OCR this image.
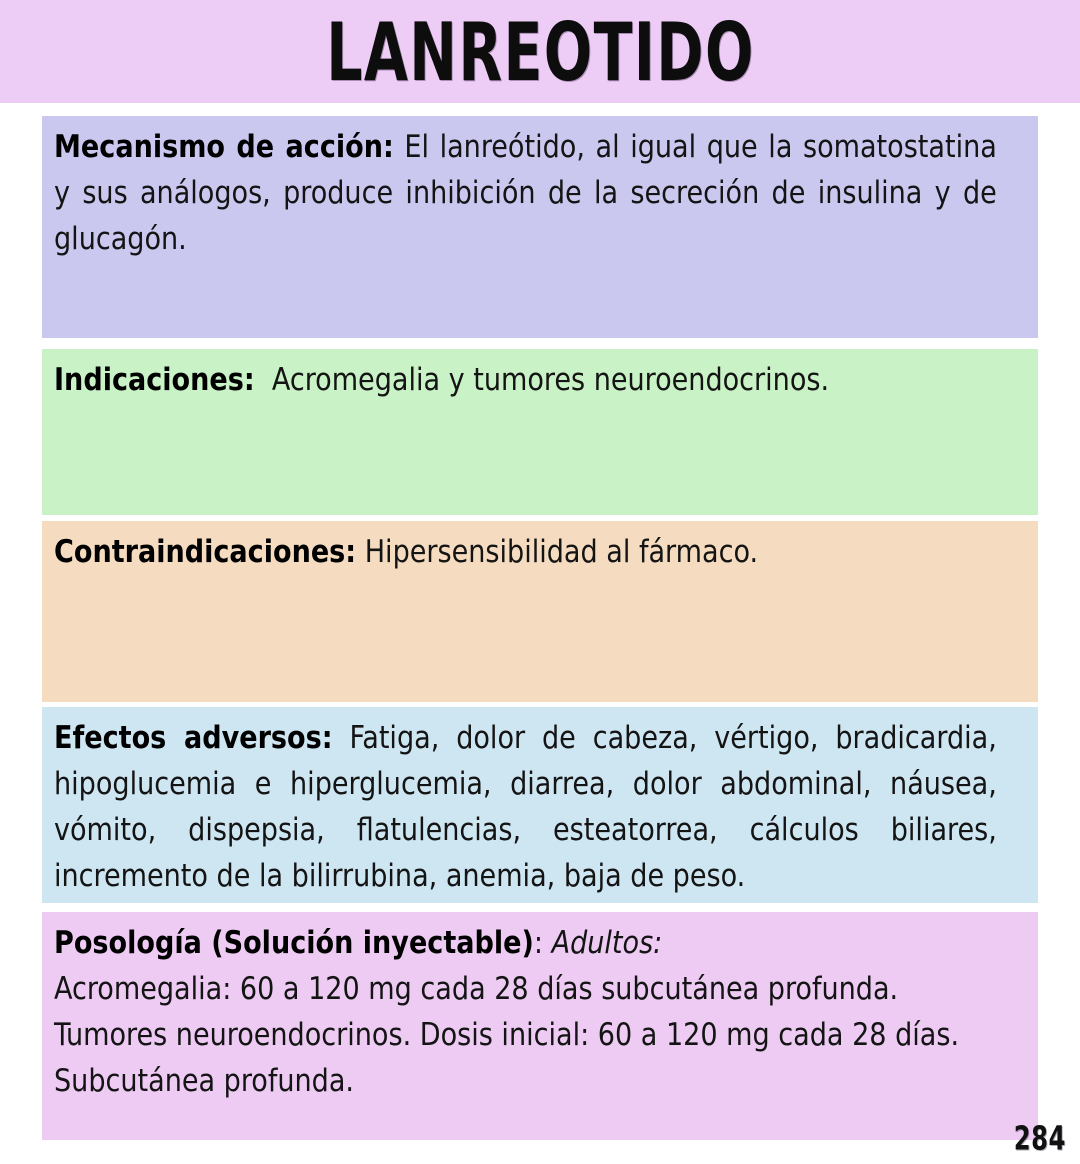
LANREOTIDO
Mecanismo de acción: El lanreótido, al igual que la somatostatina y sus análogos, produce inhibición de la secreción de insulina y de glucagón.
Indicaciones: Acromegalia y tumores neuroendocrinos.
Contraindicaciones: Hipersensibilidad al fármaco.
Efectos adversos: Fatiga, dolor de cabeza, vértigo, bradicardia, hipoglucemia e hiperglucemia, diarrea, dolor abdominal, náusea, vómito, dispepsia, flatulencias, esteatorrea, cálculos biliares, incremento de la bilirrubina, anemia, baja de peso.
Posología (Solución inyectable): Adultos:
Acromegalia: 60 a 120 mg cada 28 días subcutánea profunda.
Tumores neuroendocrinos. Dosis inicial: 60 a 120 mg cada 28 días. Subcutánea profunda.
284
